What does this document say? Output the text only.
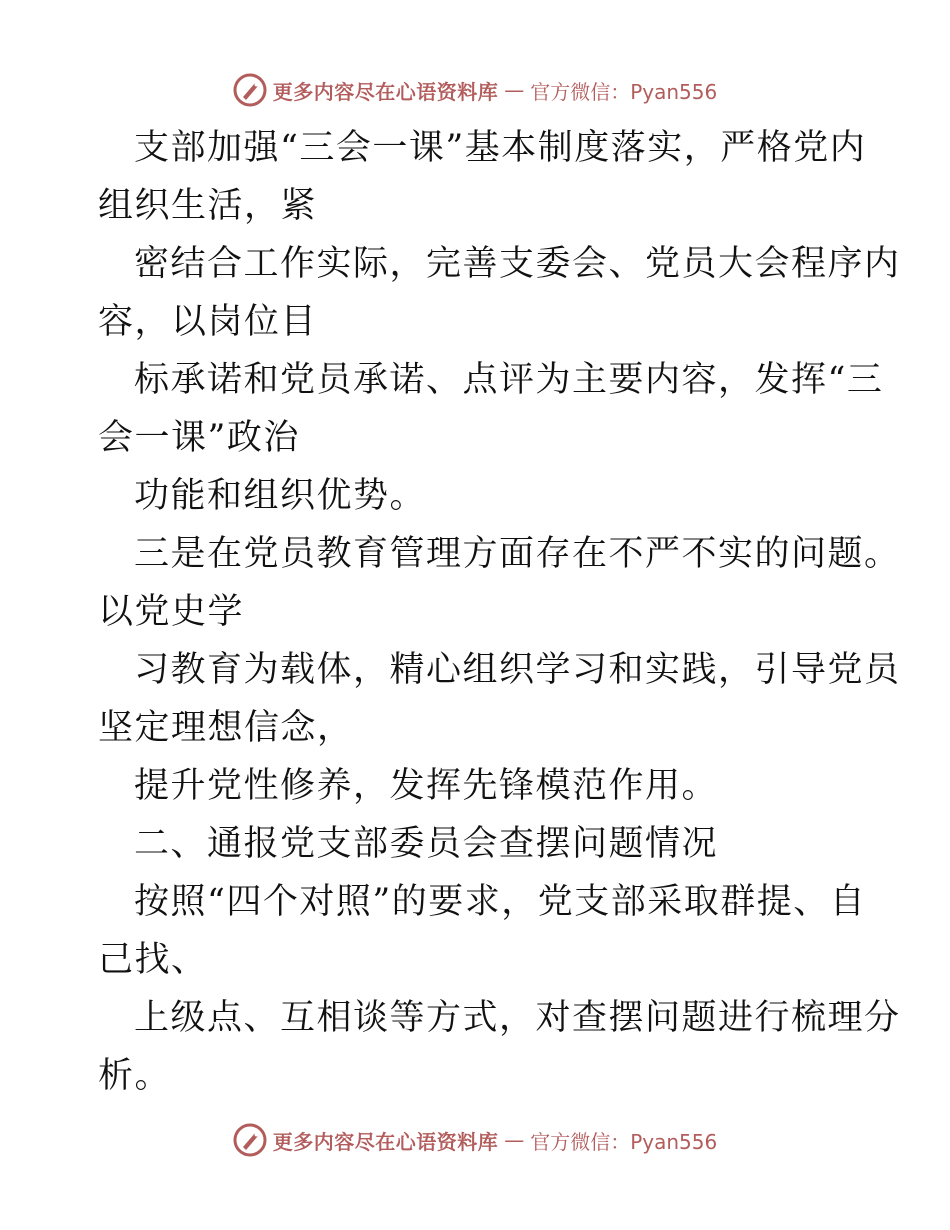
更多内容尽在心语资料库 — 官方微信：Pyan556
支部加强“三会一课”基本制度落实，严格党内
组织生活，紧
密结合工作实际，完善支委会、党员大会程序内
容，以岗位目
标承诺和党员承诺、点评为主要内容，发挥“三
会一课”政治
功能和组织优势。
三是在党员教育管理方面存在不严不实的问题。
以党史学
习教育为载体，精心组织学习和实践，引导党员
坚定理想信念，
提升党性修养，发挥先锋模范作用。
二、通报党支部委员会查摆问题情况
按照“四个对照”的要求，党支部采取群提、自
己找、
上级点、互相谈等方式，对查摆问题进行梳理分
析。
更多内容尽在心语资料库 — 官方微信：Pyan556
